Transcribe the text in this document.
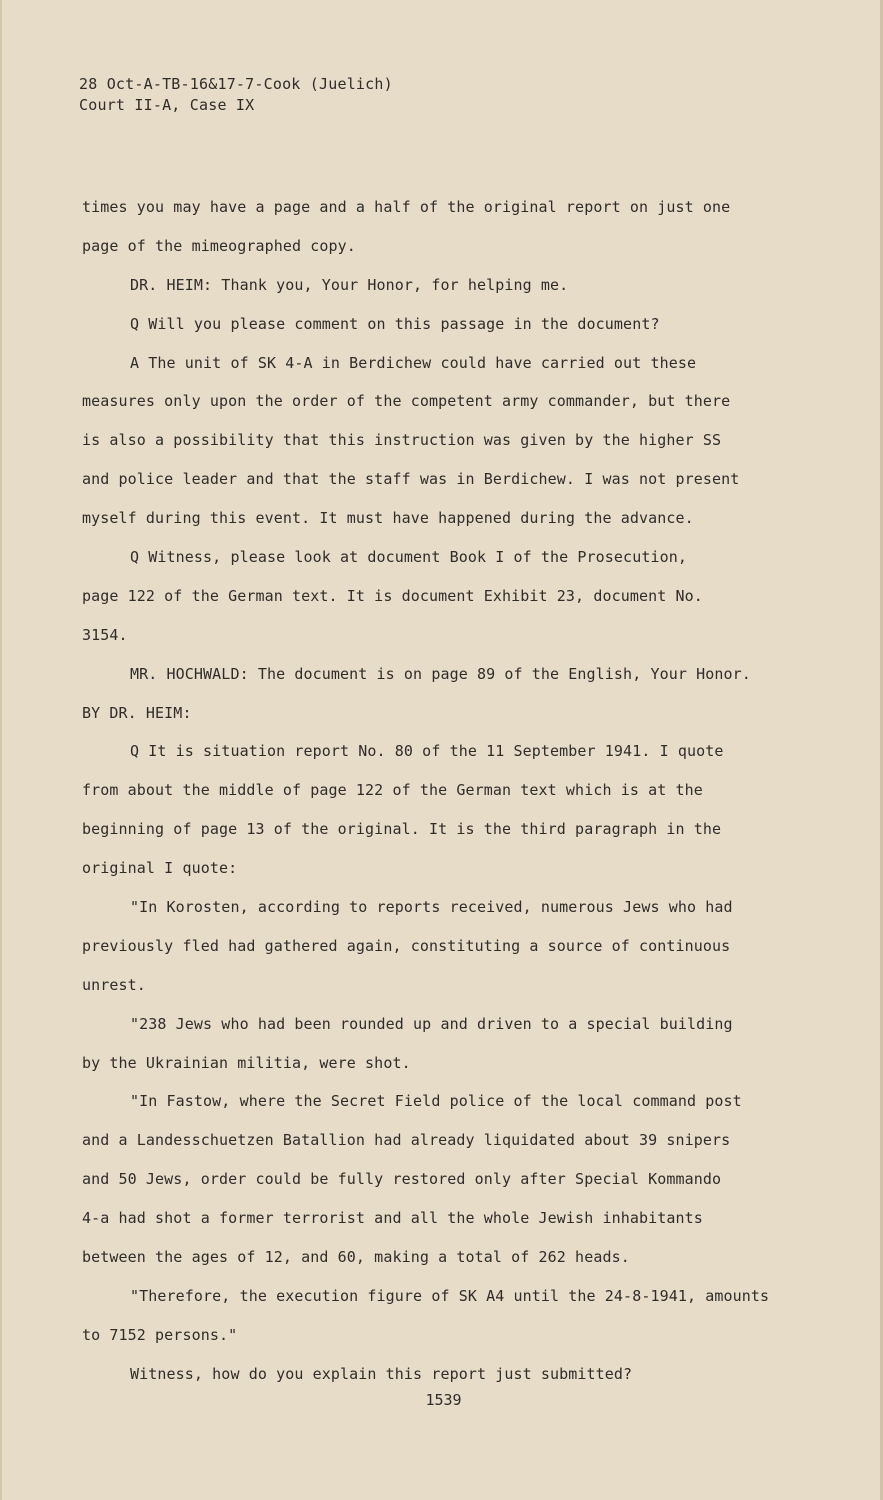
28 Oct-A-TB-16&17-7-Cook (Juelich)
Court II-A, Case IX
times you may have a page and a half of the original report on just one
page of the mimeographed copy.
DR. HEIM: Thank you, Your Honor, for helping me.
Q Will you please comment on this passage in the document?
A The unit of SK 4-A in Berdichew could have carried out these
measures only upon the order of the competent army commander, but there
is also a possibility that this instruction was given by the higher SS
and police leader and that the staff was in Berdichew. I was not present
myself during this event. It must have happened during the advance.
Q Witness, please look at document Book I of the Prosecution,
page 122 of the German text. It is document Exhibit 23, document No.
3154.
MR. HOCHWALD: The document is on page 89 of the English, Your Honor.
BY DR. HEIM:
Q It is situation report No. 80 of the 11 September 1941. I quote
from about the middle of page 122 of the German text which is at the
beginning of page 13 of the original. It is the third paragraph in the
original I quote:
"In Korosten, according to reports received, numerous Jews who had
previously fled had gathered again, constituting a source of continuous
unrest.
"238 Jews who had been rounded up and driven to a special building
by the Ukrainian militia, were shot.
"In Fastow, where the Secret Field police of the local command post
and a Landesschuetzen Batallion had already liquidated about 39 snipers
and 50 Jews, order could be fully restored only after Special Kommando
4-a had shot a former terrorist and all the whole Jewish inhabitants
between the ages of 12, and 60, making a total of 262 heads.
"Therefore, the execution figure of SK A4 until the 24-8-1941, amounts
to 7152 persons."
Witness, how do you explain this report just submitted?
1539
